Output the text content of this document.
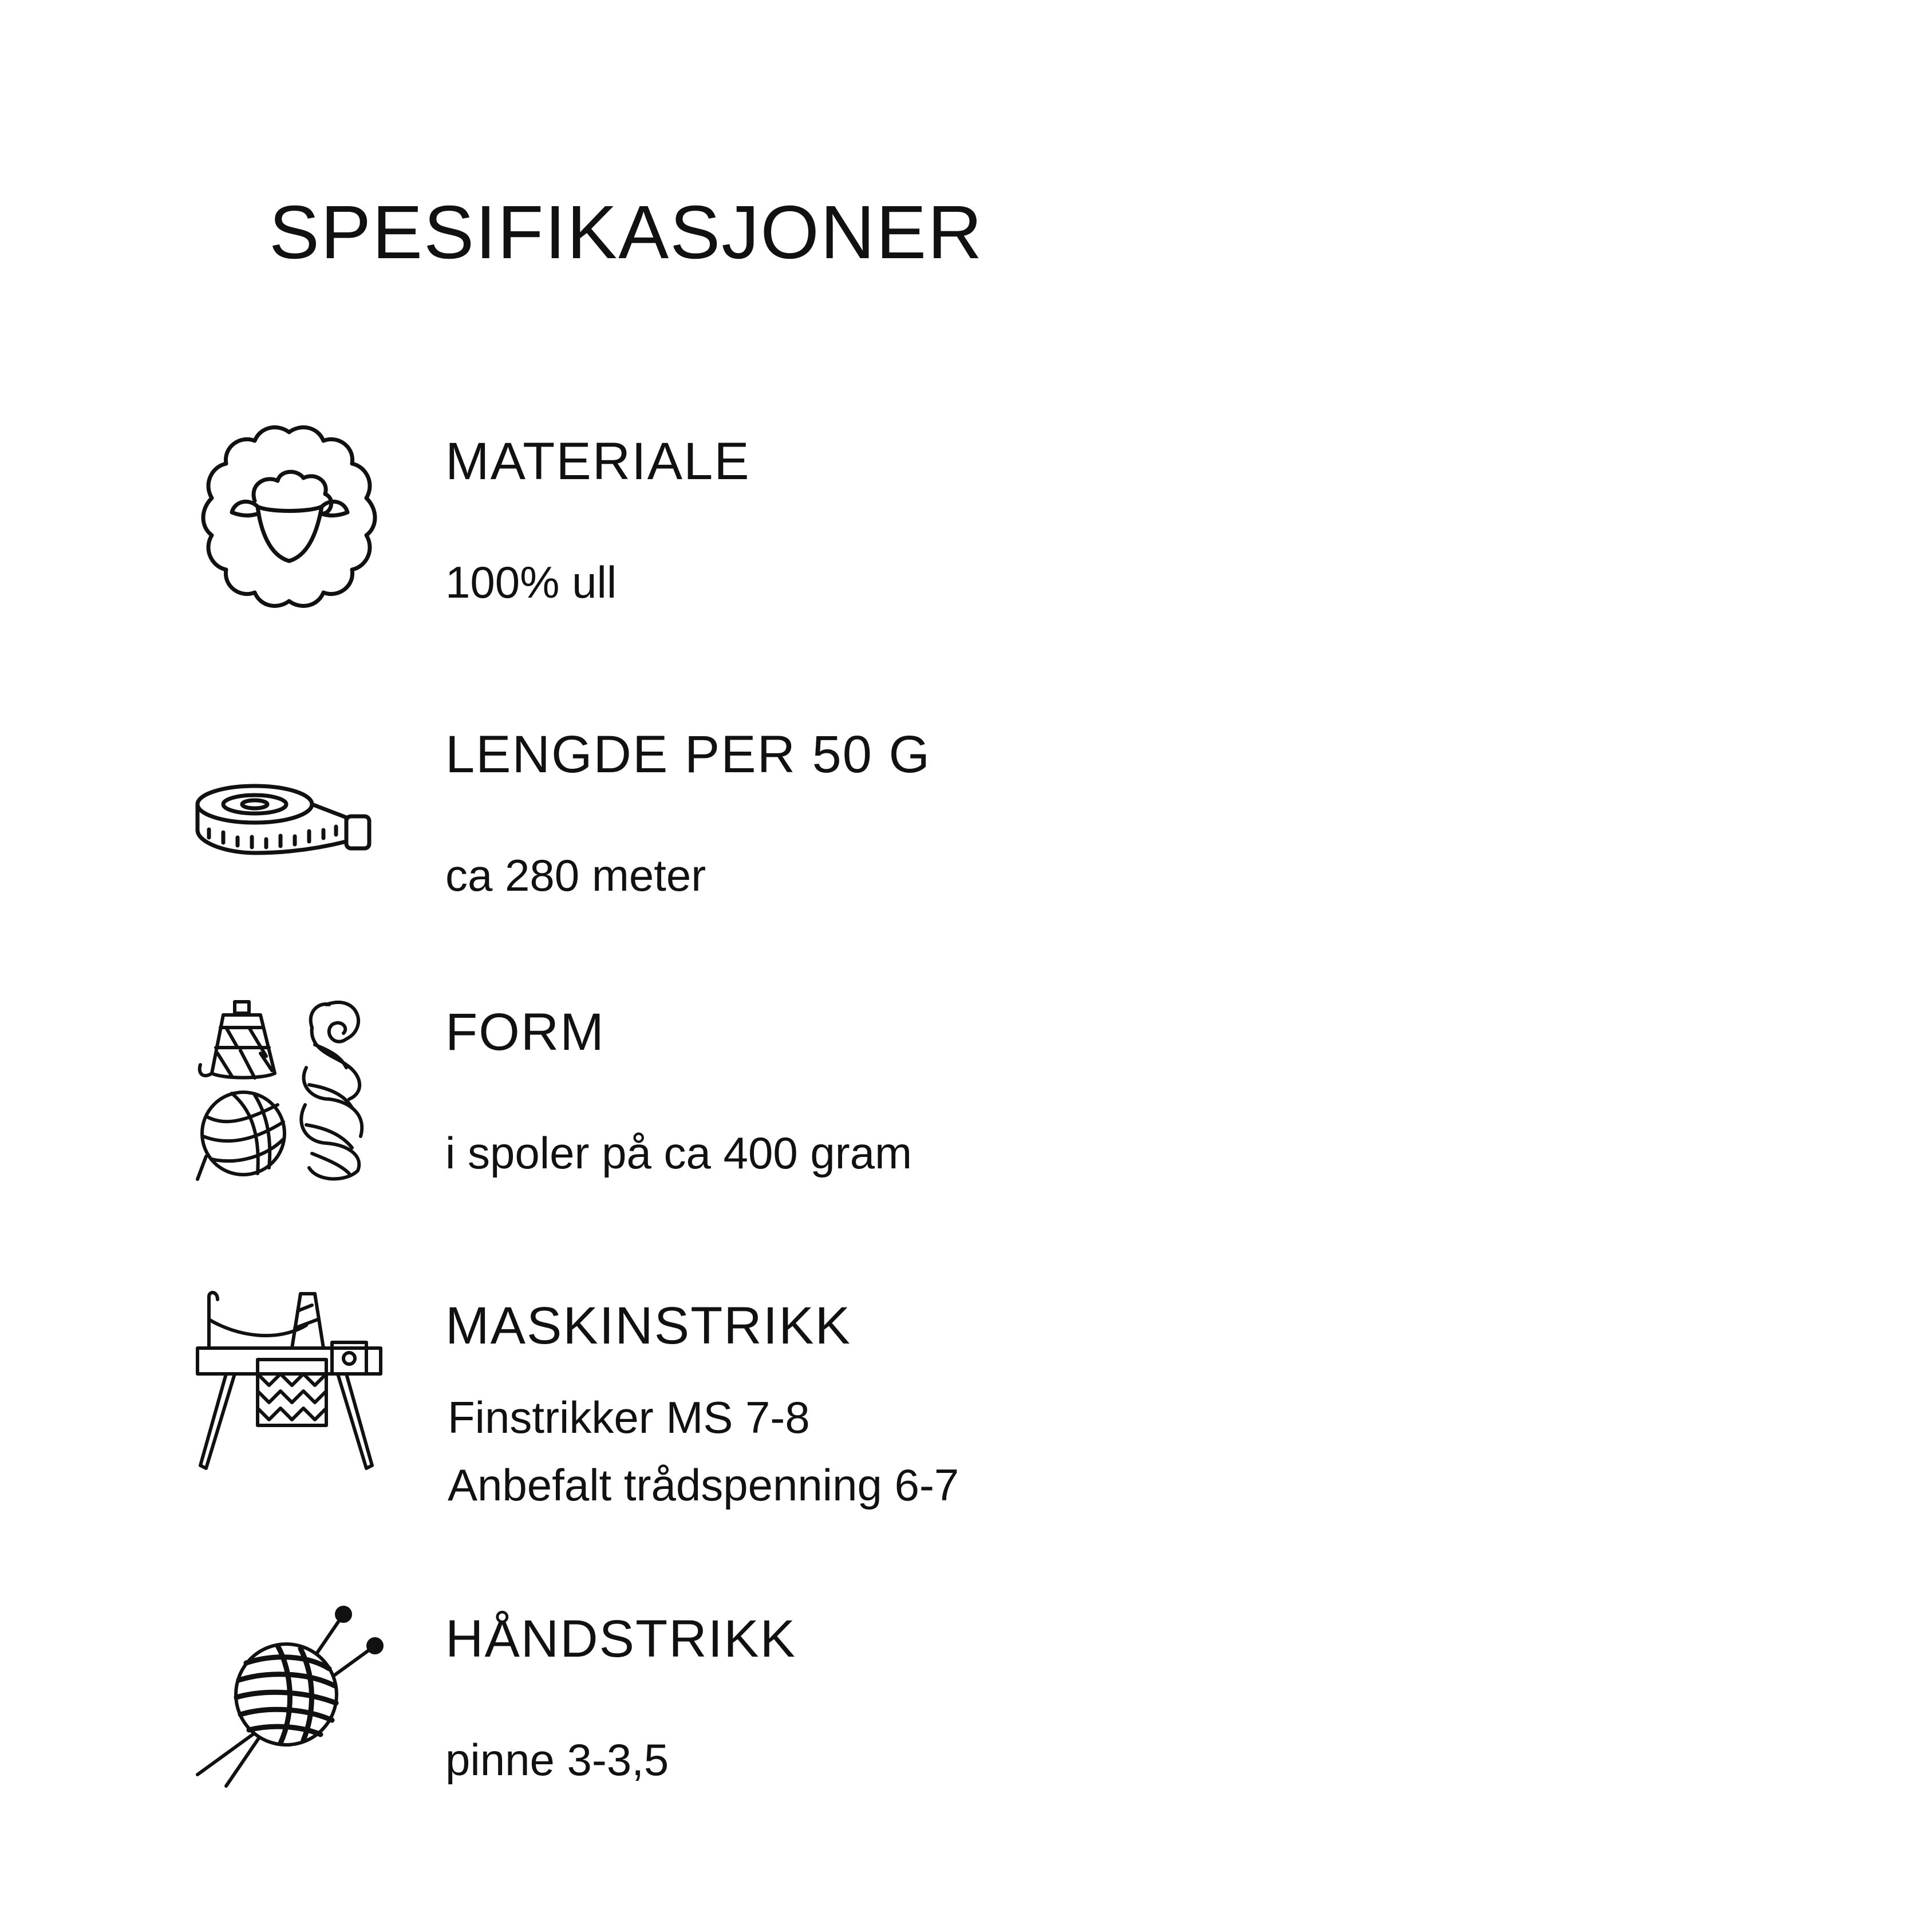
SPESIFIKASJONER
MATERIALE
100% ull
LENGDE PER 50 G
ca 280 meter
FORM
i spoler på ca 400 gram
MASKINSTRIKK
Finstrikker MS 7-8
Anbefalt trådspenning 6-7
HÅNDSTRIKK
pinne 3-3,5
